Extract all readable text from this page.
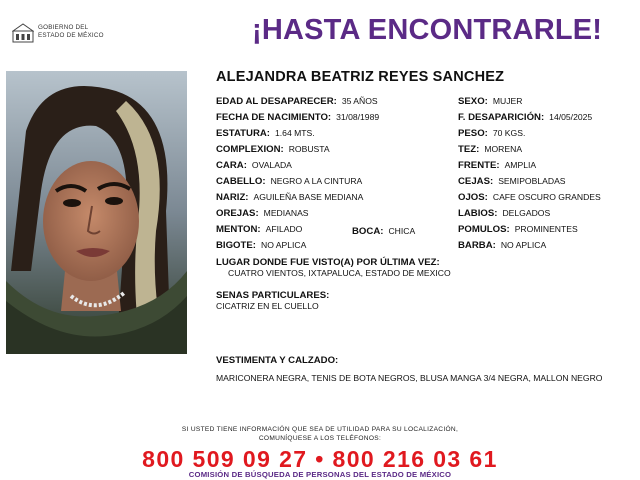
GOBIERNO DEL
ESTADO DE MÉXICO	¡HASTA ENCONTRARLE!
ALEJANDRA BEATRIZ REYES SANCHEZ
EDAD AL DESAPARECER: 35 AÑOS
FECHA DE NACIMIENTO: 31/08/1989
ESTATURA: 1.64 MTS.
COMPLEXION: ROBUSTA
CARA: OVALADA
CABELLO: NEGRO A LA CINTURA
NARIZ: AGUILEÑA BASE MEDIANA
OREJAS: MEDIANAS
MENTON: AFILADO	BOCA: CHICA
BIGOTE: NO APLICA
SEXO: MUJER
F. DESAPARICIÓN: 14/05/2025
PESO: 70 KGS.
TEZ: MORENA
FRENTE: AMPLIA
CEJAS: SEMIPOBLADAS
OJOS: CAFE OSCURO GRANDES
LABIOS: DELGADOS
POMULOS: PROMINENTES
BARBA: NO APLICA
LUGAR DONDE FUE VISTO(A) POR ÚLTIMA VEZ:
CUATRO VIENTOS, IXTAPALUCA, ESTADO DE MEXICO
SENAS PARTICULARES:
CICATRIZ EN EL CUELLO
VESTIMENTA Y CALZADO:
MARICONERA NEGRA, TENIS DE BOTA NEGROS, BLUSA MANGA 3/4 NEGRA, MALLON NEGRO
SI USTED TIENE INFORMACIÓN QUE SEA DE UTILIDAD PARA SU LOCALIZACIÓN,
COMUNÍQUESE A LOS TELÉFONOS:
800 509 09 27 • 800 216 03 61
COMISIÓN DE BÚSQUEDA DE PERSONAS DEL ESTADO DE MÉXICO
